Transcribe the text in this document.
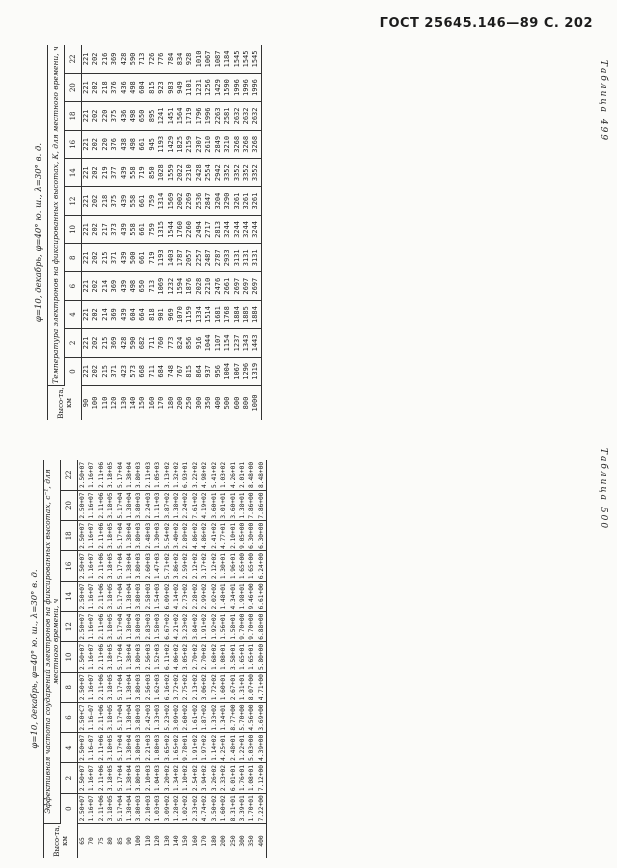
ГОСТ 25645.146—89 С. 202
Таблица 499
φ=10, декабрь, φ=40° ю. ш., λ=30° в. д.
Высо-та, км	Температура электронов на фиксированных высотах, К, для местного времени, ч											
	0	2	4	6	8	10	12	14	16	18	20	22
90	221	221	221	221	221	221	221	221	221	221	221	221
100	202	202	202	202	202	202	202	202	202	202	202	202
110	215	215	214	214	215	217	218	219	220	220	218	216
120	371	369	369	369	371	373	375	377	376	375	376	369
130	423	428	439	439	439	439	439	439	438	436	436	428
140	573	590	604	498	500	558	558	558	498	498	498	590
150	668	682	664	650	661	661	661	719	661	650	604	713
160	711	711	818	713	719	759	759	850	945	895	815	726
170	684	760	901	1069	1193	1315	1314	1028	1193	1241	923	776
180	748	773	969	1232	1403	1544	1569	1559	1429	1451	983	784
200	767	824	1070	1594	1787	1760	2002	2022	1825	1564	949	834
250	815	856	1159	1876	2057	2260	2269	2310	2159	1719	1101	928
300	864	916	1334	2028	2257	2494	2536	2428	2307	1796	1231	1010
350	937	1044	1514	2210	2487	2717	2847	2554	2610	1996	1256	1067
400	956	1107	1681	2476	2787	2813	3204	2942	2849	2263	1429	1087
500	1004	1154	1768	2661	2933	3244	3290	3352	3210	2581	1590	1184
600	1067	1237	1884	2697	3131	3244	3261	3352	3268	2632	1996	1545
800	1296	1343	1885	2697	3131	3244	3261	3352	3268	2632	1996	1545
1000	1319	1443	1884	2697	3131	3244	3261	3352	3268	2632	1996	1545
Таблица 500
φ=10, декабрь, φ=40° ю. ш., λ=30° в. д.
Высо-та, км	Эффективная частота соударений электронов на фиксированных высотах, с⁻¹, для местного времени, ч											
	0	2	4	6	8	10	12	14	16	18	20	22
65	2.50+07	2.50+07	2.50+07	2.50+C7	2.50+07	2.50+07	2.50+07	2.50+07	2.50+07	2.50+07	2.50+07	2.50+07
70	1.16+07	1.16+07	1.16−07	1.16−07	1.16+07	1.16+07	1.16+07	1.16+07	1.16+07	1.16+07	1.16+07	1.16+07
75	2.11+06	2.11+06	2.11+06	2.11+06	2.11+06	2.11+06	2.11+06	2.11+06	2.11+06	2.11+06	2.11+06	2.11+06
80	3.18+05	3.18+05	3.18+05	3.18+05	3.18+05	3.18+05	3.18+05	3.18+05	3.18+05	3.18+05	3.18+05	3.18+05
85	5.17+04	5.17+04	5.17+04	5.17+04	5.17+04	5.17+04	5.17+04	5.17+04	5.17+04	5.17+04	5.17+04	5.17+04
90	1.38+04	1.38+04	1.38+04	1.38+04	1.38+04	1.38+04	1.38+04	1.38+04	1.38+04	1.38+04	1.38+04	1.38+04
100	3.80+03	3.80+03	3.80+03	3.80+03	3.80+03	3.80+03	3.80+03	3.80+03	3.80+03	3.80+03	3.80+03	3.80+03
110	2.10+03	2.10+03	2.21+03	2.42+03	2.56+03	2.56+03	2.83+03	2.58+03	2.60+03	2.48+03	2.24+03	2.11+03
120	1.03+03	1.04+03	1.08+03	1.33+03	1.62+03	1.52+03	1.58+03	1.54+03	1.47+03	1.30+03	1.11+03	1.05+03
130	3.09+02	3.20+02	3.65+02	5.23+02	6.16+02	6.11+02	6.67+02	6.09+02	5.71+02	5.54+02	3.87+02	3.13+02
140	1.28+02	1.34+02	1.65+02	3.09+02	3.72+02	4.06+02	4.21+02	4.14+02	3.86+02	3.40+02	1.38+02	1.32+02
150	1.02+02	1.10+02	9.78+01	2.60+02	2.75+02	3.05+02	3.23+02	2.73+02	2.59+02	2.89+02	2.24+02	6.93+01
160	2.33+02	2.54+02	1.91+02	1.61+02	2.13+02	2.70+02	3.84+02	2.28+02	2.12+02	4.86+02	7.61+02	3.22+02
170	4.74+02	3.94+02	1.97+02	1.87+02	3.06+02	2.70+02	1.91+02	2.99+02	3.17+02	4.86+02	4.19+02	4.98+02
180	3.50+02	3.26+02	1.14+02	1.33+02	1.72+02	1.68+02	1.92+02	2.02+02	2.12+02	2.41+02	3.60+01	5.41+02
200	1.60+02	2.33+02	4.25+01	1.34+01	1.60+01	1.08+01	1.56+01	1.48+01	1.30+01	4.77+01	3.01+01	1.03+02
250	8.31+01	6.01+01	2.48+01	8.77+00	2.67+01	3.58+01	1.58+01	4.34+01	1.96+01	2.10+01	3.60+01	4.26+01
300	3.39+01	1.76+01	1.22+01	5.70+00	1.31+01	1.65+01	9.70+00	1.98+01	1.65+00	9.05+00	1.38+01	2.01+01
350	1.70+01	1.08+01	5.03+00	4.56+00	8.07+00	1.65+01	9.70+00	9.46+00	1.65+00	6.30+00	7.86+00	8.48+00
400	7.22+00	7.12+00	4.39+00	3.69+00	4.71+00	5.80+00	6.88+00	6.61+00	6.24+00	6.30+00	7.86+00	8.48+00
